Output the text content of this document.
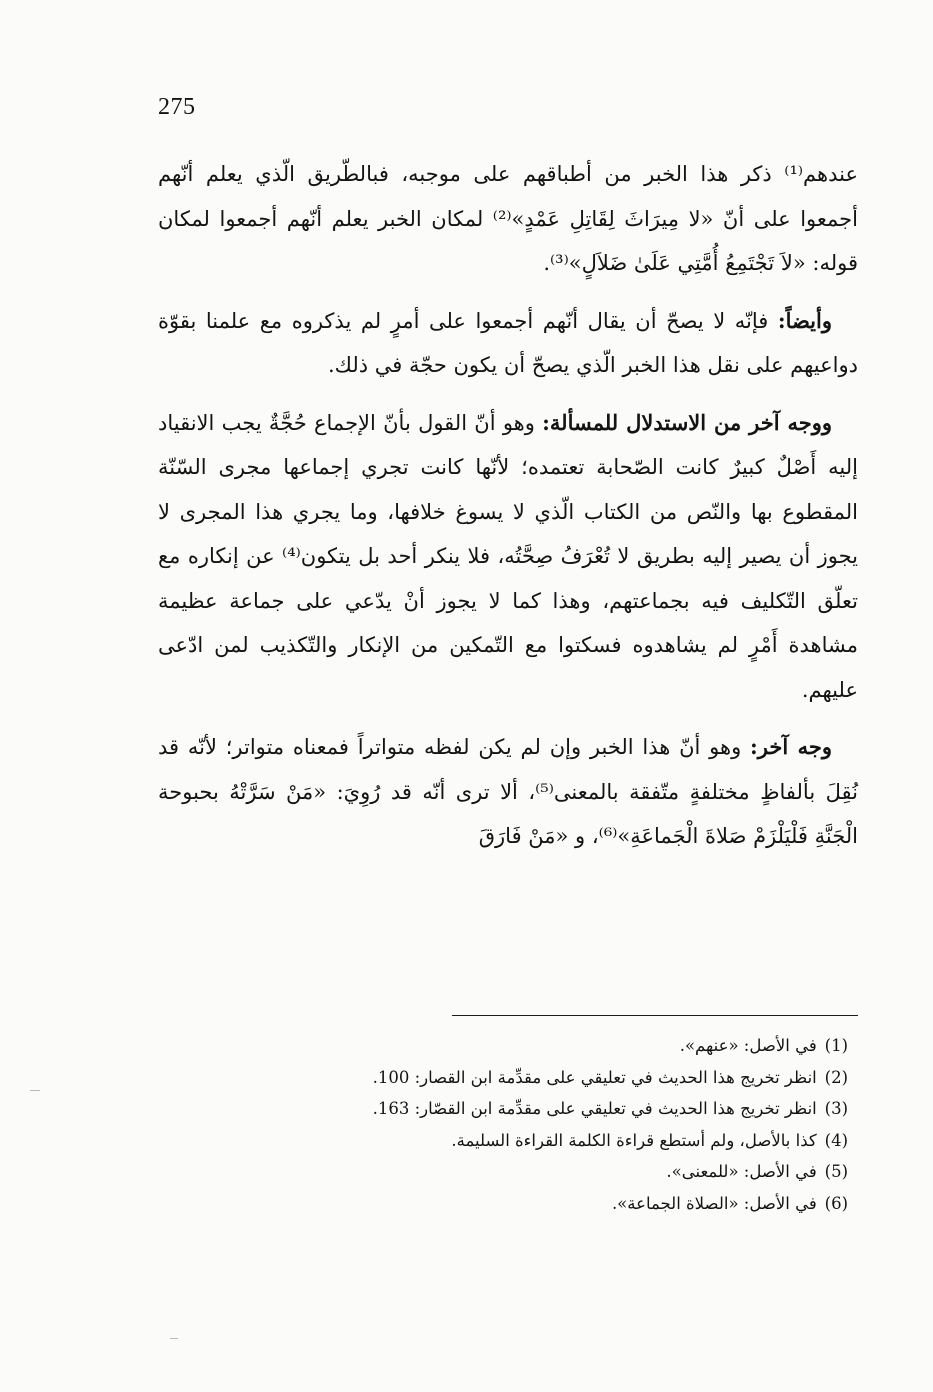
275

عندهم⁽¹⁾ ذكر هذا الخبر من أطباقهم على موجبه، فبالطّريق الّذي يعلم أنّهم أجمعوا على أنّ «لا مِيرَاثَ لِقَاتِلِ عَمْدٍ»⁽²⁾ لمكان الخبر يعلم أنّهم أجمعوا لمكان قوله: «لاَ تَجْتَمِعُ أُمَّتِي عَلَىٰ ضَلاَلٍ»⁽³⁾.

وأيضاً: فإنّه لا يصحّ أن يقال أنّهم أجمعوا على أمرٍ لم يذكروه مع علمنا بقوّة دواعيهم على نقل هذا الخبر الّذي يصحّ أن يكون حجّة في ذلك.

ووجه آخر من الاستدلال للمسألة: وهو أنّ القول بأنّ الإجماع حُجَّةٌ يجب الانقياد إليه أَصْلٌ كبيرٌ كانت الصّحابة تعتمده؛ لأنّها كانت تجري إجماعها مجرى السّنّة المقطوع بها والنّص من الكتاب الّذي لا يسوغ خلافها، وما يجري هذا المجرى لا يجوز أن يصير إليه بطريق لا تُعْرَفُ صِحَّتُه، فلا ينكر أحد بل يتكون⁽⁴⁾ عن إنكاره مع تعلّق التّكليف فيه بجماعتهم، وهذا كما لا يجوز أنْ يدّعي على جماعة عظيمة مشاهدة أَمْرٍ لم يشاهدوه فسكتوا مع التّمكين من الإنكار والتّكذيب لمن ادّعى عليهم.

وجه آخر: وهو أنّ هذا الخبر وإن لم يكن لفظه متواتراً فمعناه متواتر؛ لأنّه قد نُقِلَ بألفاظٍ مختلفةٍ متّفقة بالمعنى⁽⁵⁾، ألا ترى أنّه قد رُوِيَ: «مَنْ سَرَّتْهُ بحبوحة الْجَنَّةِ فَلْيَلْزَمْ صَلاةَ الْجَماعَةِ»⁽⁶⁾، و «مَنْ فَارَقَ

(1) في الأصل: «عنهم».
(2) انظر تخريج هذا الحديث في تعليقي على مقدِّمة ابن القصار: 100.
(3) انظر تخريج هذا الحديث في تعليقي على مقدِّمة ابن القصّار: 163.
(4) كذا بالأصل، ولم أستطع قراءة الكلمة القراءة السليمة.
(5) في الأصل: «للمعنى».
(6) في الأصل: «الصلاة الجماعة».
